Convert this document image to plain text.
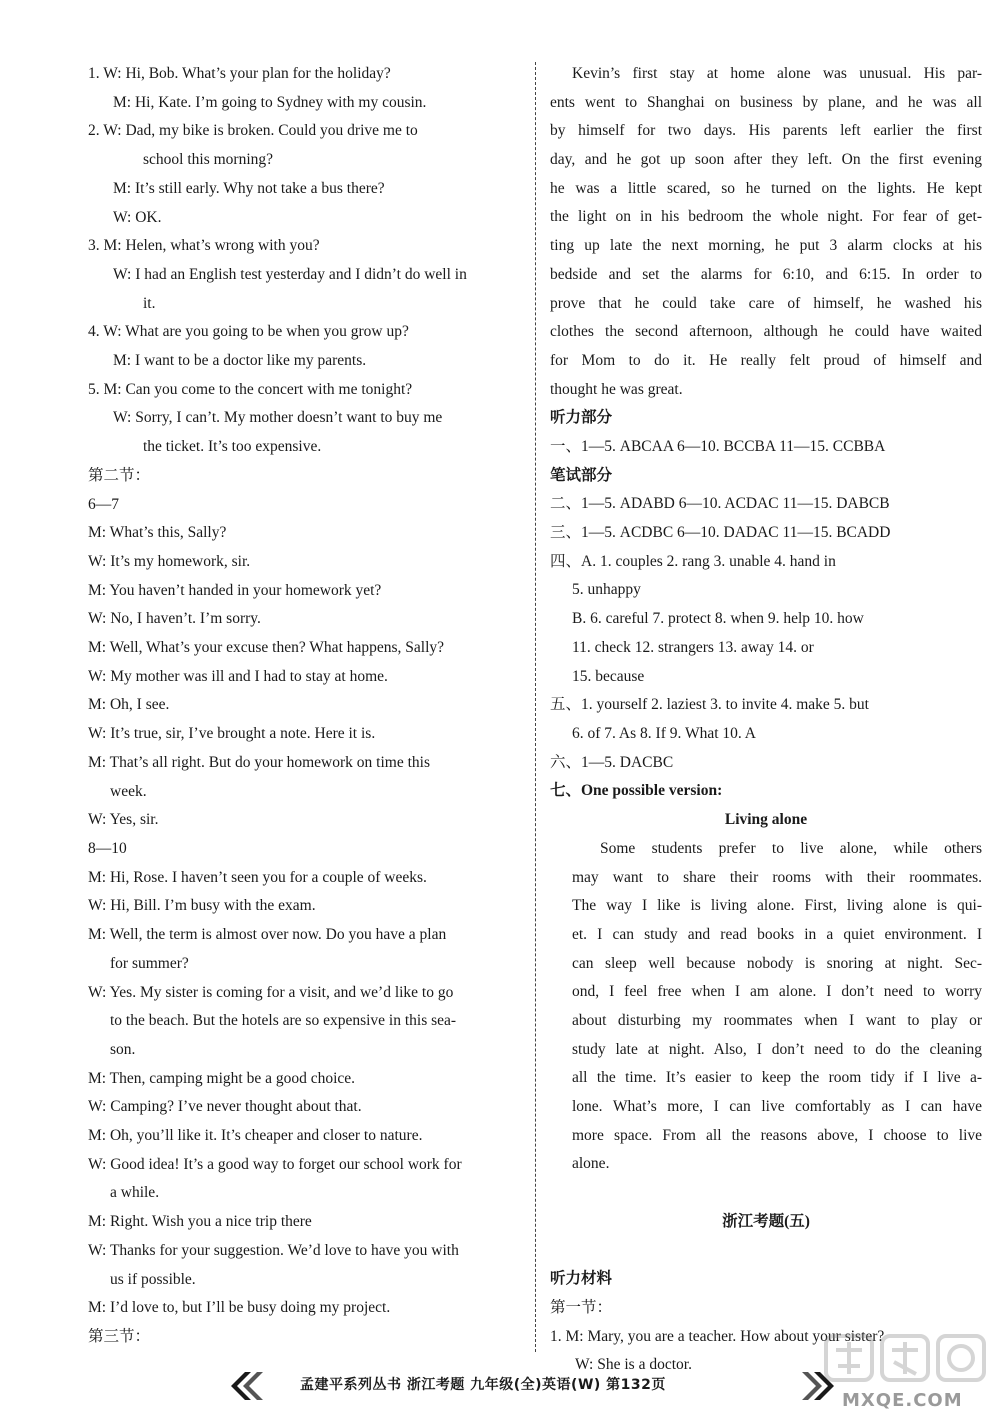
1. W: Hi, Bob. What’s your plan for the holiday?
M: Hi, Kate. I’m going to Sydney with my cousin.
2. W: Dad, my bike is broken. Could you drive me to
school this morning?
M: It’s still early. Why not take a bus there?
W: OK.
3. M: Helen, what’s wrong with you?
W: I had an English test yesterday and I didn’t do well in
it.
4. W: What are you going to be when you grow up?
M: I want to be a doctor like my parents.
5. M: Can you come to the concert with me tonight?
W: Sorry, I can’t. My mother doesn’t want to buy me
the ticket. It’s too expensive.
第二节：
6—7
M: What’s this, Sally?
W: It’s my homework, sir.
M: You haven’t handed in your homework yet?
W: No, I haven’t. I’m sorry.
M: Well, What’s your excuse then? What happens, Sally?
W: My mother was ill and I had to stay at home.
M: Oh, I see.
W: It’s true, sir, I’ve brought a note. Here it is.
M: That’s all right. But do your homework on time this
week.
W: Yes, sir.
8—10
M: Hi, Rose. I haven’t seen you for a couple of weeks.
W: Hi, Bill. I’m busy with the exam.
M: Well, the term is almost over now. Do you have a plan
for summer?
W: Yes. My sister is coming for a visit, and we’d like to go
to the beach. But the hotels are so expensive in this sea-
son.
M: Then, camping might be a good choice.
W: Camping? I’ve never thought about that.
M: Oh, you’ll like it. It’s cheaper and closer to nature.
W: Good idea! It’s a good way to forget our school work for
a while.
M: Right. Wish you a nice trip there
W: Thanks for your suggestion. We’d love to have you with
us if possible.
M: I’d love to, but I’ll be busy doing my project.
第三节：
Kevin’s first stay at home alone was unusual. His par-
ents went to Shanghai on business by plane, and he was all
by himself for two days. His parents left earlier the first
day, and he got up soon after they left. On the first evening
he was a little scared, so he turned on the lights. He kept
the light on in his bedroom the whole night. For fear of get-
ting up late the next morning, he put 3 alarm clocks at his
bedside and set the alarms for 6:10, and 6:15. In order to
prove that he could take care of himself, he washed his
clothes the second afternoon, although he could have waited
for Mom to do it. He really felt proud of himself and
thought he was great.
听力部分
一、1—5. ABCAA 6—10. BCCBA 11—15. CCBBA
笔试部分
二、1—5. ADABD 6—10. ACDAC 11—15. DABCB
三、1—5. ACDBC 6—10. DADAC 11—15. BCADD
四、A. 1. couples 2. rang 3. unable 4. hand in
5. unhappy
B. 6. careful 7. protect 8. when 9. help 10. how
11. check 12. strangers 13. away 14. or
15. because
五、1. yourself 2. laziest 3. to invite 4. make 5. but
6. of 7. As 8. If 9. What 10. A
六、1—5. DACBC
七、One possible version:
Living alone
Some students prefer to live alone, while others
may want to share their rooms with their roommates.
The way I like is living alone. First, living alone is qui-
et. I can study and read books in a quiet environment. I
can sleep well because nobody is snoring at night. Sec-
ond, I feel free when I am alone. I don’t need to worry
about disturbing my roommates when I want to play or
study late at night. Also, I don’t need to do the cleaning
all the time. It’s easier to keep the room tidy if I live a-
lone. What’s more, I can live comfortably as I can have
more space. From all the reasons above, I choose to live
alone.

浙江考题(五)

听力材料
第一节：
1. M: Mary, you are a teacher. How about your sister?
W: She is a doctor.
孟建平系列丛书 浙江考题 九年级(全)英语(W) 第132页
MXQE.COM
